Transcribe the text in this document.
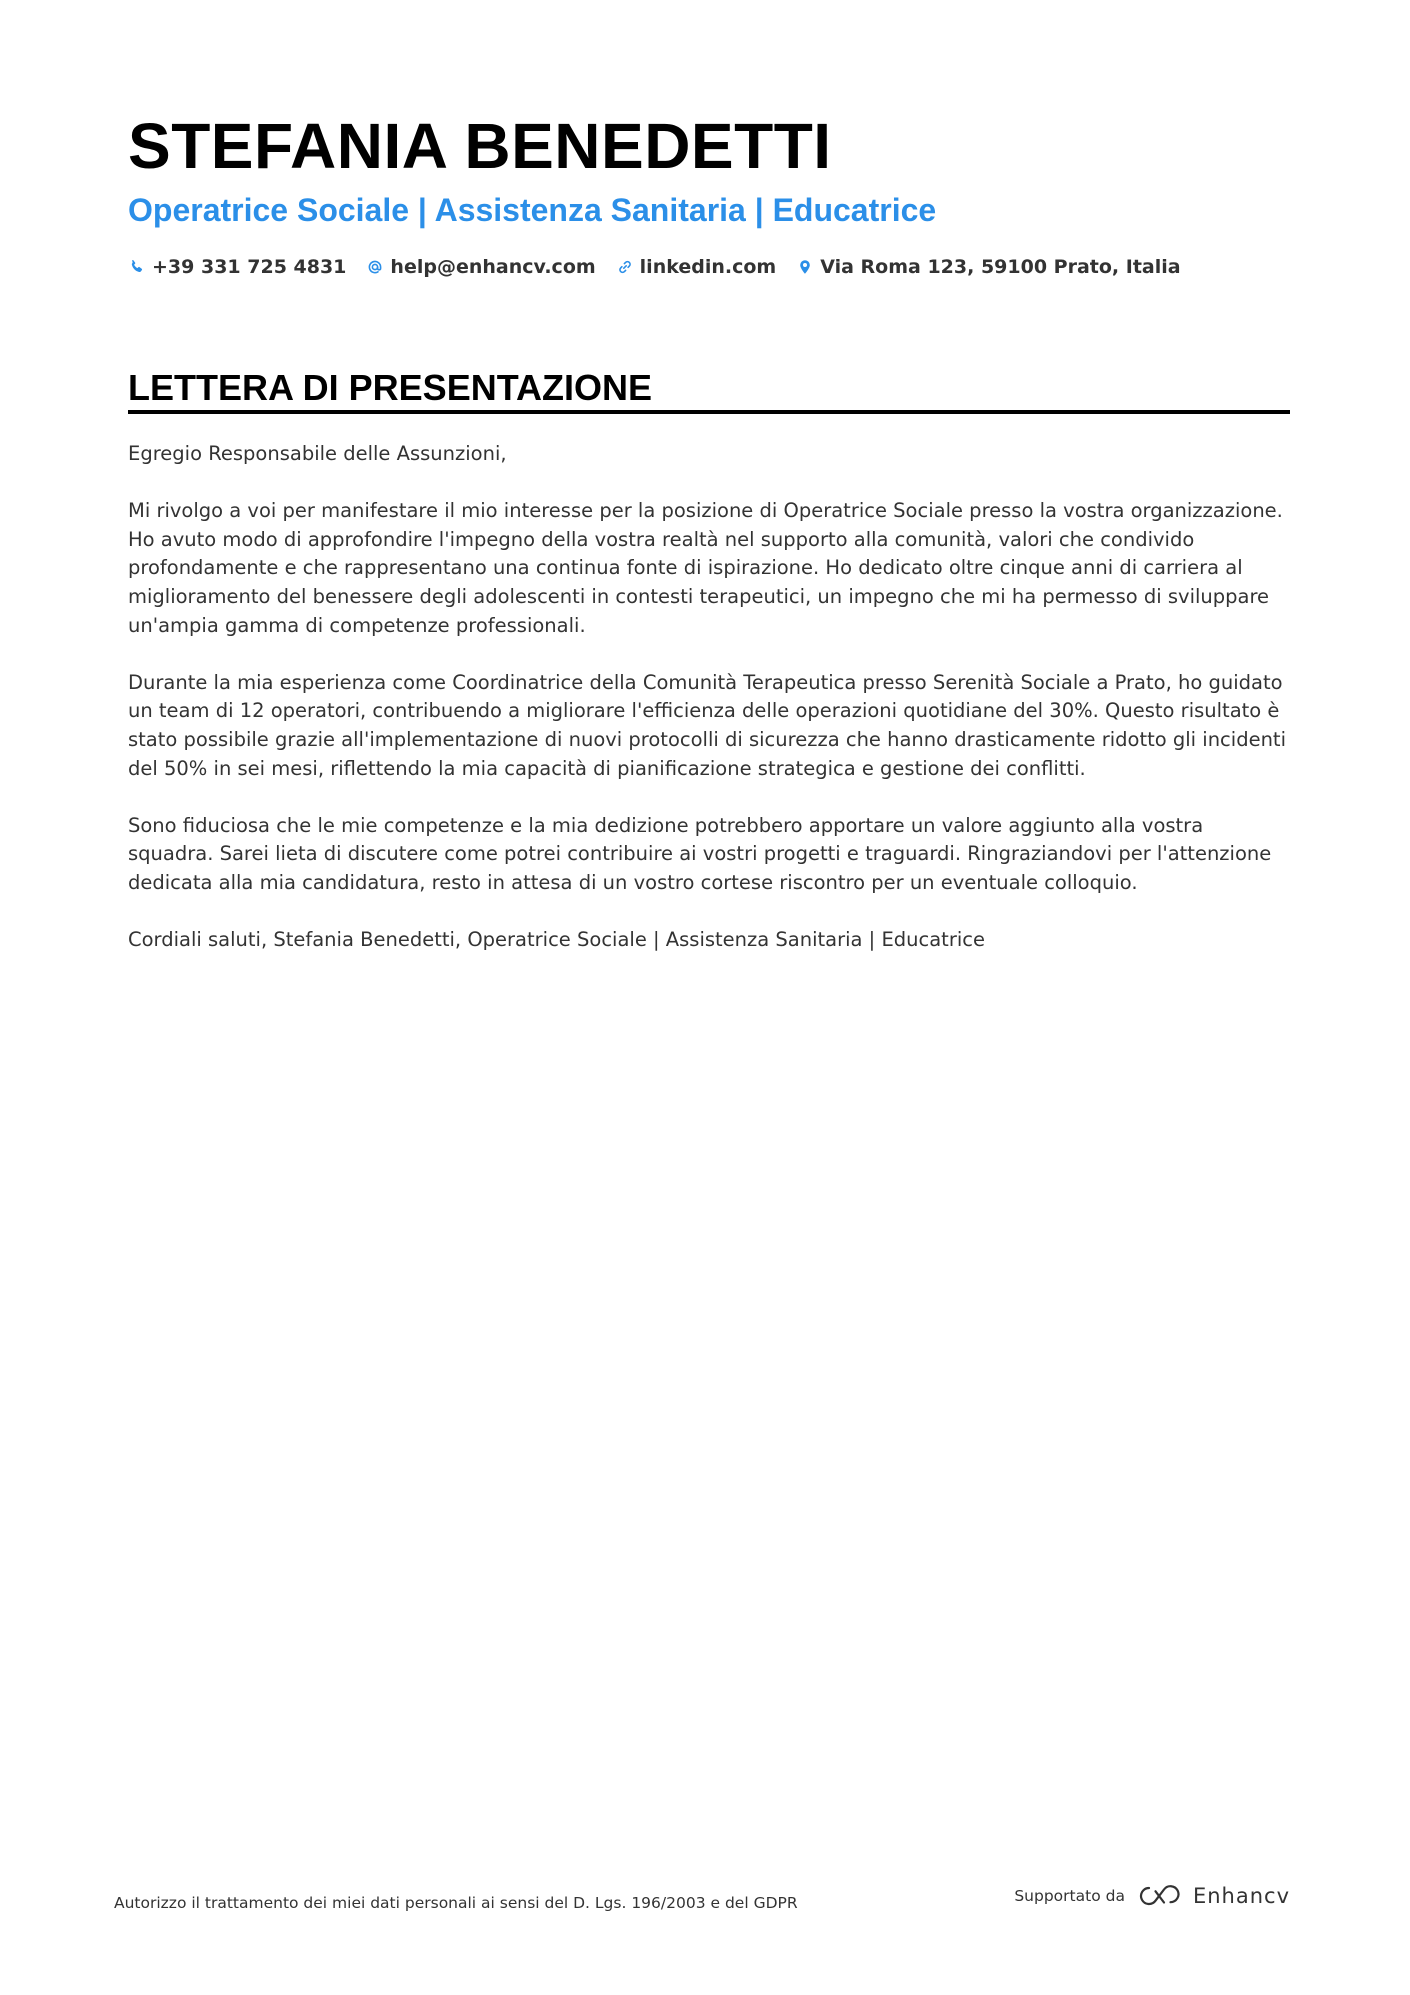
STEFANIA BENEDETTI
Operatrice Sociale | Assistenza Sanitaria | Educatrice
+39 331 725 4831 help@enhancv.com linkedin.com Via Roma 123, 59100 Prato, Italia
LETTERA DI PRESENTAZIONE

Egregio Responsabile delle Assunzioni,

Mi rivolgo a voi per manifestare il mio interesse per la posizione di Operatrice Sociale presso la vostra organizzazione. Ho avuto modo di approfondire l'impegno della vostra realtà nel supporto alla comunità, valori che condivido profondamente e che rappresentano una continua fonte di ispirazione. Ho dedicato oltre cinque anni di carriera al miglioramento del benessere degli adolescenti in contesti terapeutici, un impegno che mi ha permesso di sviluppare un'ampia gamma di competenze professionali.

Durante la mia esperienza come Coordinatrice della Comunità Terapeutica presso Serenità Sociale a Prato, ho guidato un team di 12 operatori, contribuendo a migliorare l'efficienza delle operazioni quotidiane del 30%. Questo risultato è stato possibile grazie all'implementazione di nuovi protocolli di sicurezza che hanno drasticamente ridotto gli incidenti del 50% in sei mesi, riflettendo la mia capacità di pianificazione strategica e gestione dei conflitti.

Sono fiduciosa che le mie competenze e la mia dedizione potrebbero apportare un valore aggiunto alla vostra squadra. Sarei lieta di discutere come potrei contribuire ai vostri progetti e traguardi. Ringraziandovi per l'attenzione dedicata alla mia candidatura, resto in attesa di un vostro cortese riscontro per un eventuale colloquio.

Cordiali saluti, Stefania Benedetti, Operatrice Sociale | Assistenza Sanitaria | Educatrice

Autorizzo il trattamento dei miei dati personali ai sensi del D. Lgs. 196/2003 e del GDPR	Supportato da	Enhancv
